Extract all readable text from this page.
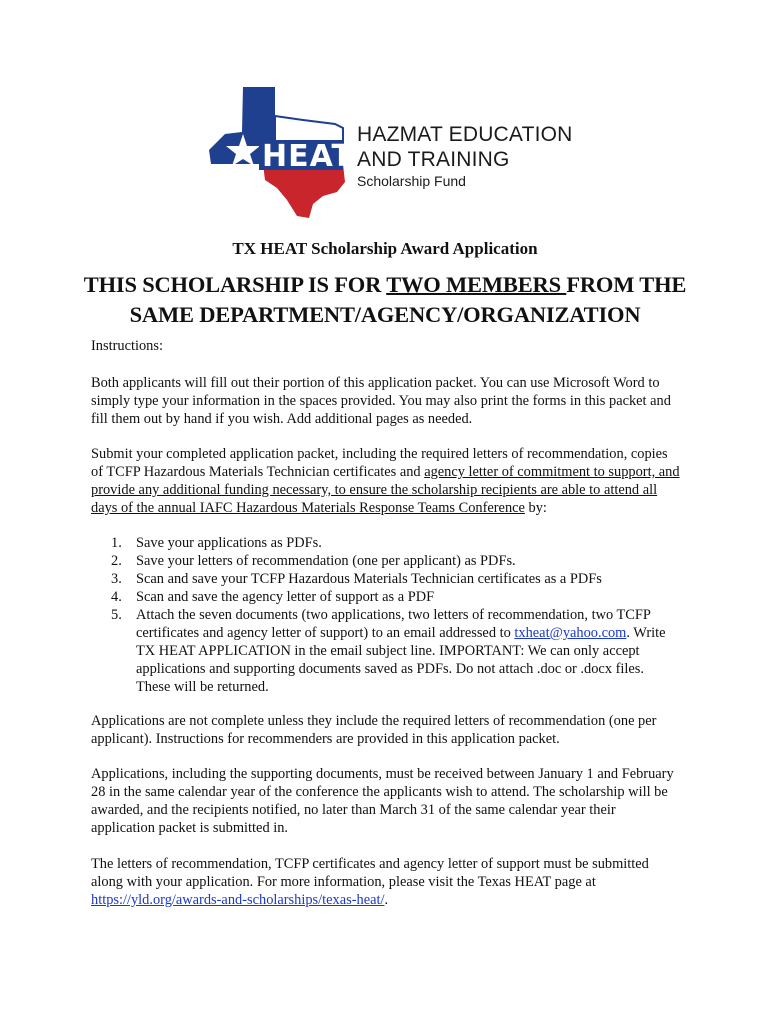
HEAT
HAZMAT EDUCATION
AND TRAINING
Scholarship Fund
TX HEAT Scholarship Award Application
THIS SCHOLARSHIP IS FOR TWO MEMBERS FROM THE SAME DEPARTMENT/AGENCY/ORGANIZATION
Instructions:
Both applicants will fill out their portion of this application packet. You can use Microsoft Word to simply type your information in the spaces provided. You may also print the forms in this packet and fill them out by hand if you wish. Add additional pages as needed.
Submit your completed application packet, including the required letters of recommendation, copies of TCFP Hazardous Materials Technician certificates and agency letter of commitment to support, and provide any additional funding necessary, to ensure the scholarship recipients are able to attend all days of the annual IAFC Hazardous Materials Response Teams Conference by:
1. Save your applications as PDFs.
2. Save your letters of recommendation (one per applicant) as PDFs.
3. Scan and save your TCFP Hazardous Materials Technician certificates as a PDFs
4. Scan and save the agency letter of support as a PDF
5. Attach the seven documents (two applications, two letters of recommendation, two TCFP certificates and agency letter of support) to an email addressed to txheat@yahoo.com. Write TX HEAT APPLICATION in the email subject line. IMPORTANT: We can only accept applications and supporting documents saved as PDFs. Do not attach .doc or .docx files. These will be returned.
Applications are not complete unless they include the required letters of recommendation (one per applicant). Instructions for recommenders are provided in this application packet.
Applications, including the supporting documents, must be received between January 1 and February 28 in the same calendar year of the conference the applicants wish to attend. The scholarship will be awarded, and the recipients notified, no later than March 31 of the same calendar year their application packet is submitted in.
The letters of recommendation, TCFP certificates and agency letter of support must be submitted along with your application. For more information, please visit the Texas HEAT page at https://yld.org/awards-and-scholarships/texas-heat/.
